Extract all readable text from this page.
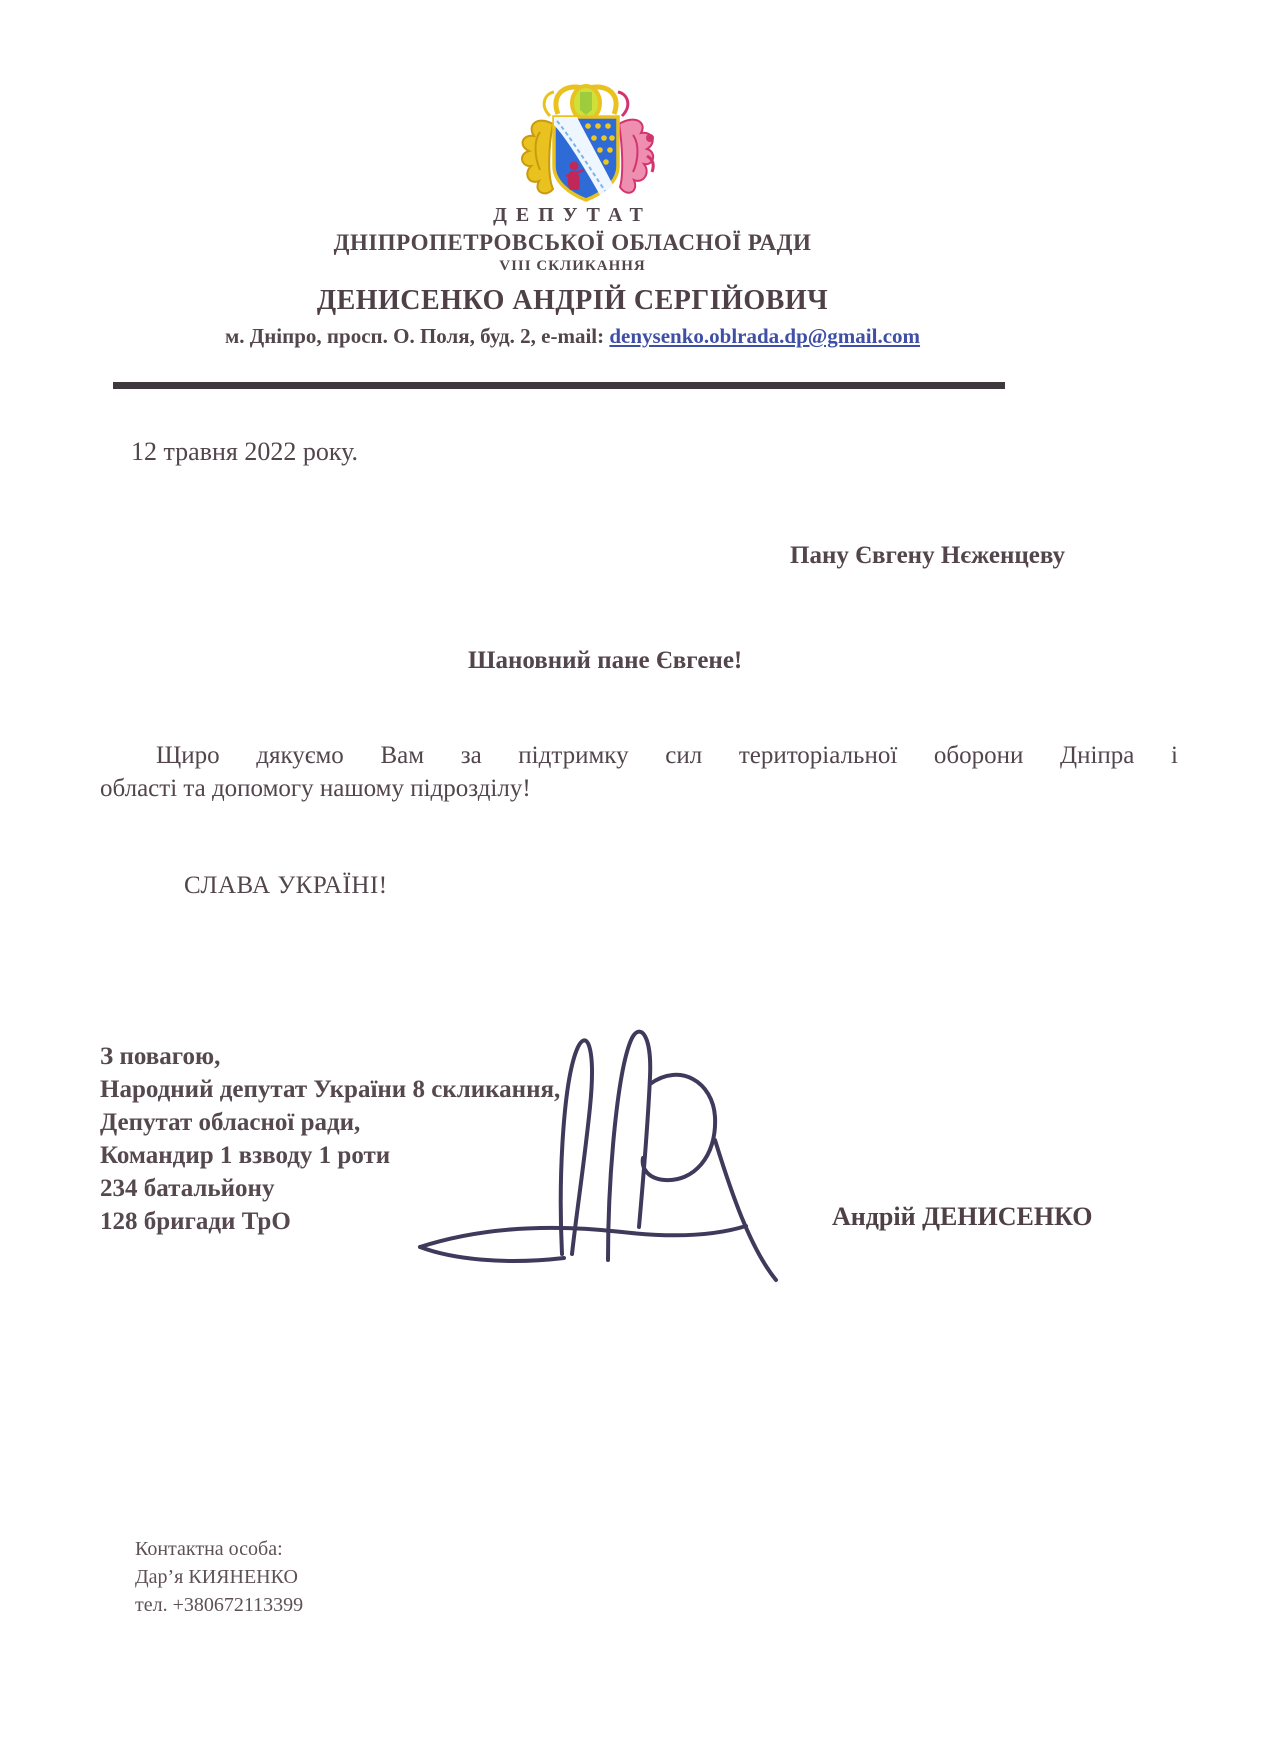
ДЕПУТАТ
ДНІПРОПЕТРОВСЬКОЇ ОБЛАСНОЇ РАДИ
VIII СКЛИКАННЯ
ДЕНИСЕНКО АНДРІЙ СЕРГІЙОВИЧ
м. Дніпро, просп. О. Поля, буд. 2, e-mail: denysenko.oblrada.dp@gmail.com
12 травня 2022 року.
Пану Євгену Нєженцеву
Шановний пане Євгене!
Щиро дякуємо Вам за підтримку сил територіальної оборони Дніпра і
області та допомогу нашому підрозділу!
СЛАВА УКРАЇНІ!
З повагою,
Народний депутат України 8 скликання,
Депутат обласної ради,
Командир 1 взводу 1 роти
234 батальйону
128 бригади ТрО	Андрій ДЕНИСЕНКО
Контактна особа:
Дар’я КИЯНЕНКО
тел. +380672113399
